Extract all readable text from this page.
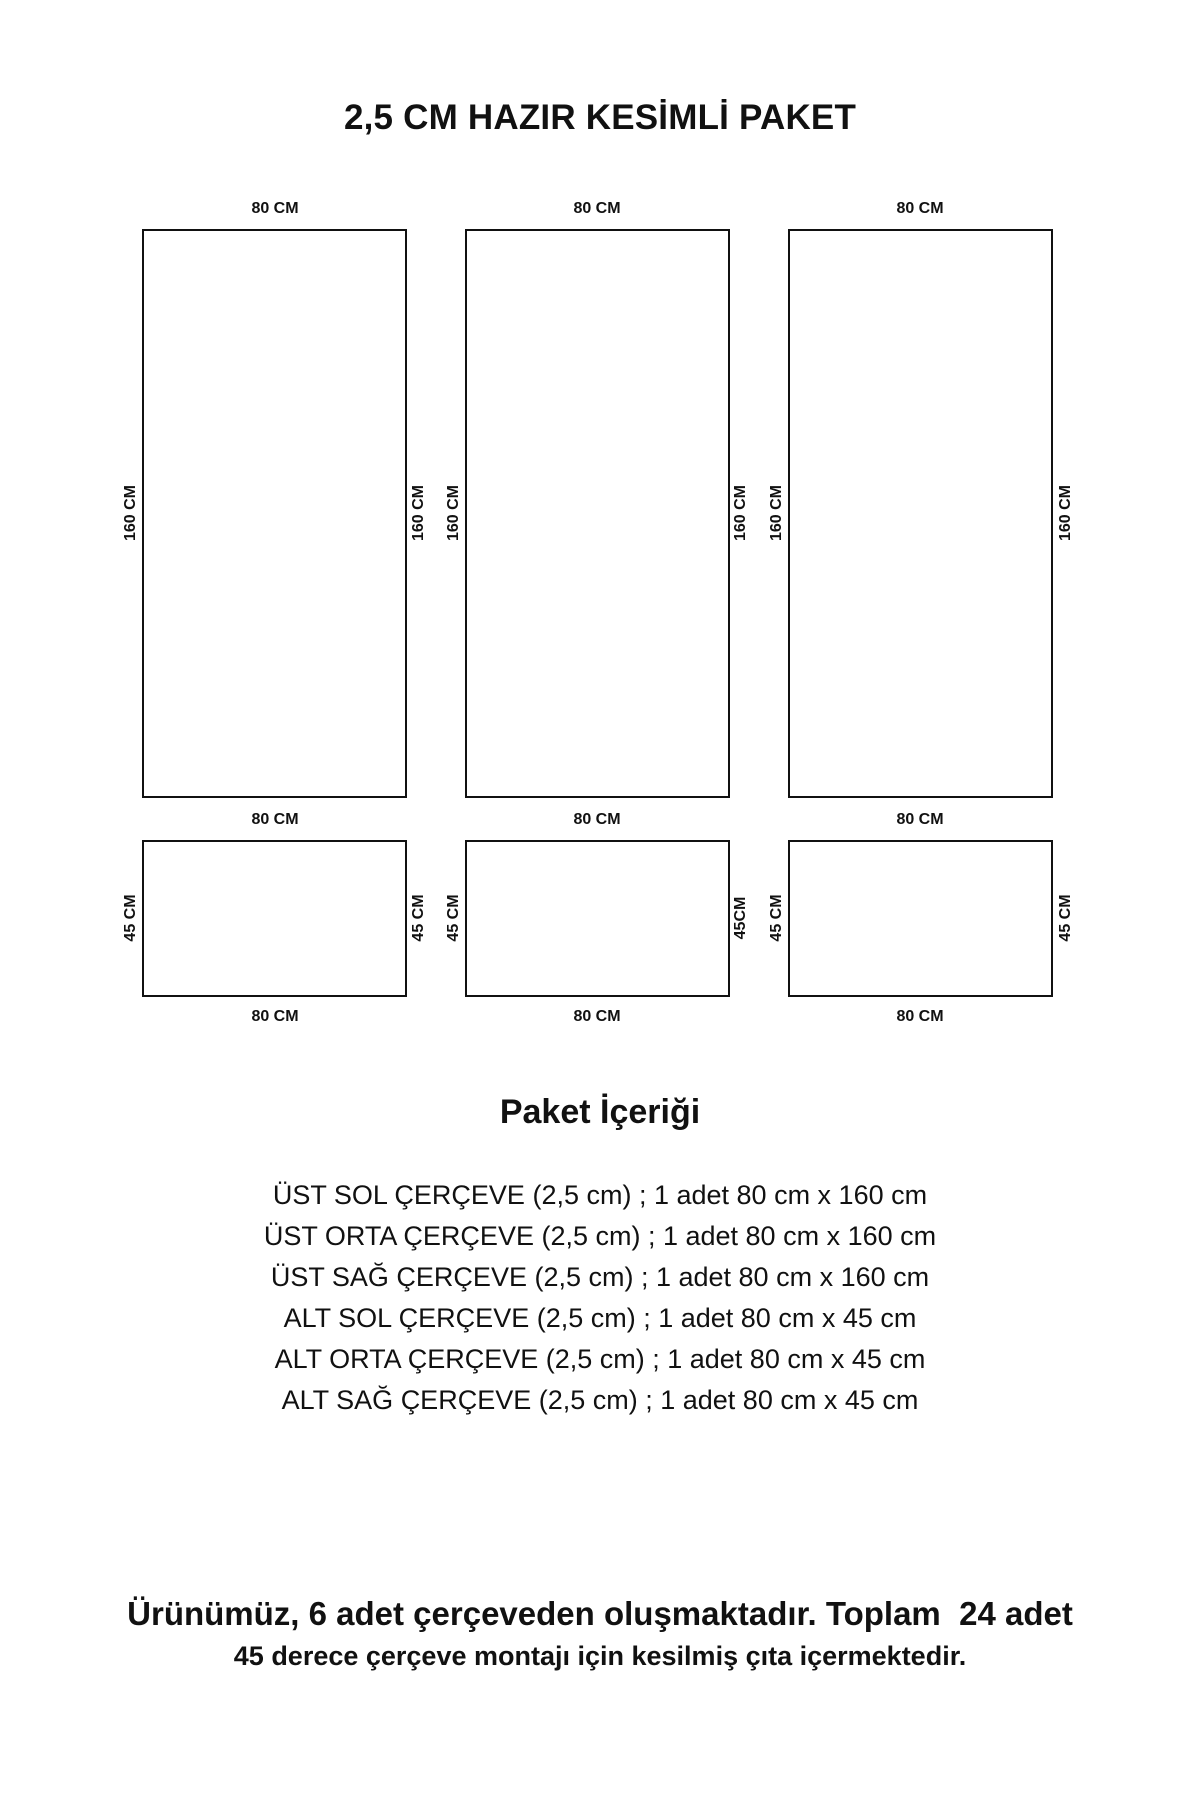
2,5 CM HAZIR KESİMLİ PAKET
80 CM
160 CM	160 CM
80 CM
80 CM
160 CM	160 CM
80 CM
80 CM
160 CM	160 CM
80 CM
45 CM	45 CM
80 CM
45 CM	45CM
80 CM
45 CM	45 CM
80 CM
Paket İçeriği
ÜST SOL ÇERÇEVE (2,5 cm) ; 1 adet 80 cm x 160 cm
ÜST ORTA ÇERÇEVE (2,5 cm) ; 1 adet 80 cm x 160 cm
ÜST SAĞ ÇERÇEVE (2,5 cm) ; 1 adet 80 cm x 160 cm
ALT SOL ÇERÇEVE (2,5 cm) ; 1 adet 80 cm x 45 cm
ALT ORTA ÇERÇEVE (2,5 cm) ; 1 adet 80 cm x 45 cm
ALT SAĞ ÇERÇEVE (2,5 cm) ; 1 adet 80 cm x 45 cm
Ürünümüz, 6 adet çerçeveden oluşmaktadır. Toplam  24 adet
45 derece çerçeve montajı için kesilmiş çıta içermektedir.
